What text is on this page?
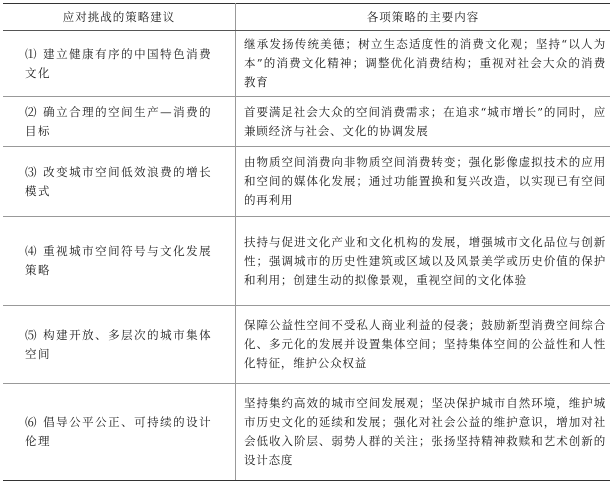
应对挑战的策略建议	各项策略的主要内容
⑴ 建立健康有序的中国特色消费文化	继承发扬传统美德；树立生态适度性的消费文化观；坚持“以人为本”的消费文化精神；调整优化消费结构；重视对社会大众的消费教育
⑵ 确立合理的空间生产—消费的目标	首要满足社会大众的空间消费需求；在追求“城市增长”的同时，应兼顾经济与社会、文化的协调发展
⑶ 改变城市空间低效浪费的增长模式	由物质空间消费向非物质空间消费转变；强化影像虚拟技术的应用和空间的媒体化发展；通过功能置换和复兴改造，以实现已有空间的再利用
⑷ 重视城市空间符号与文化发展策略	扶持与促进文化产业和文化机构的发展，增强城市文化品位与创新性；强调城市的历史性建筑或区域以及风景美学或历史价值的保护和利用；创建生动的拟像景观，重视空间的文化体验
⑸ 构建开放、多层次的城市集体空间	保障公益性空间不受私人商业利益的侵袭；鼓励新型消费空间综合化、多元化的发展并设置集体空间；坚持集体空间的公益性和人性化特征，维护公众权益
⑹ 倡导公平公正、可持续的设计伦理	坚持集约高效的城市空间发展观；坚决保护城市自然环境，维护城市历史文化的延续和发展；强化对社会公益的维护意识，增加对社会低收入阶层、弱势人群的关注；张扬坚持精神救赎和艺术创新的设计态度
